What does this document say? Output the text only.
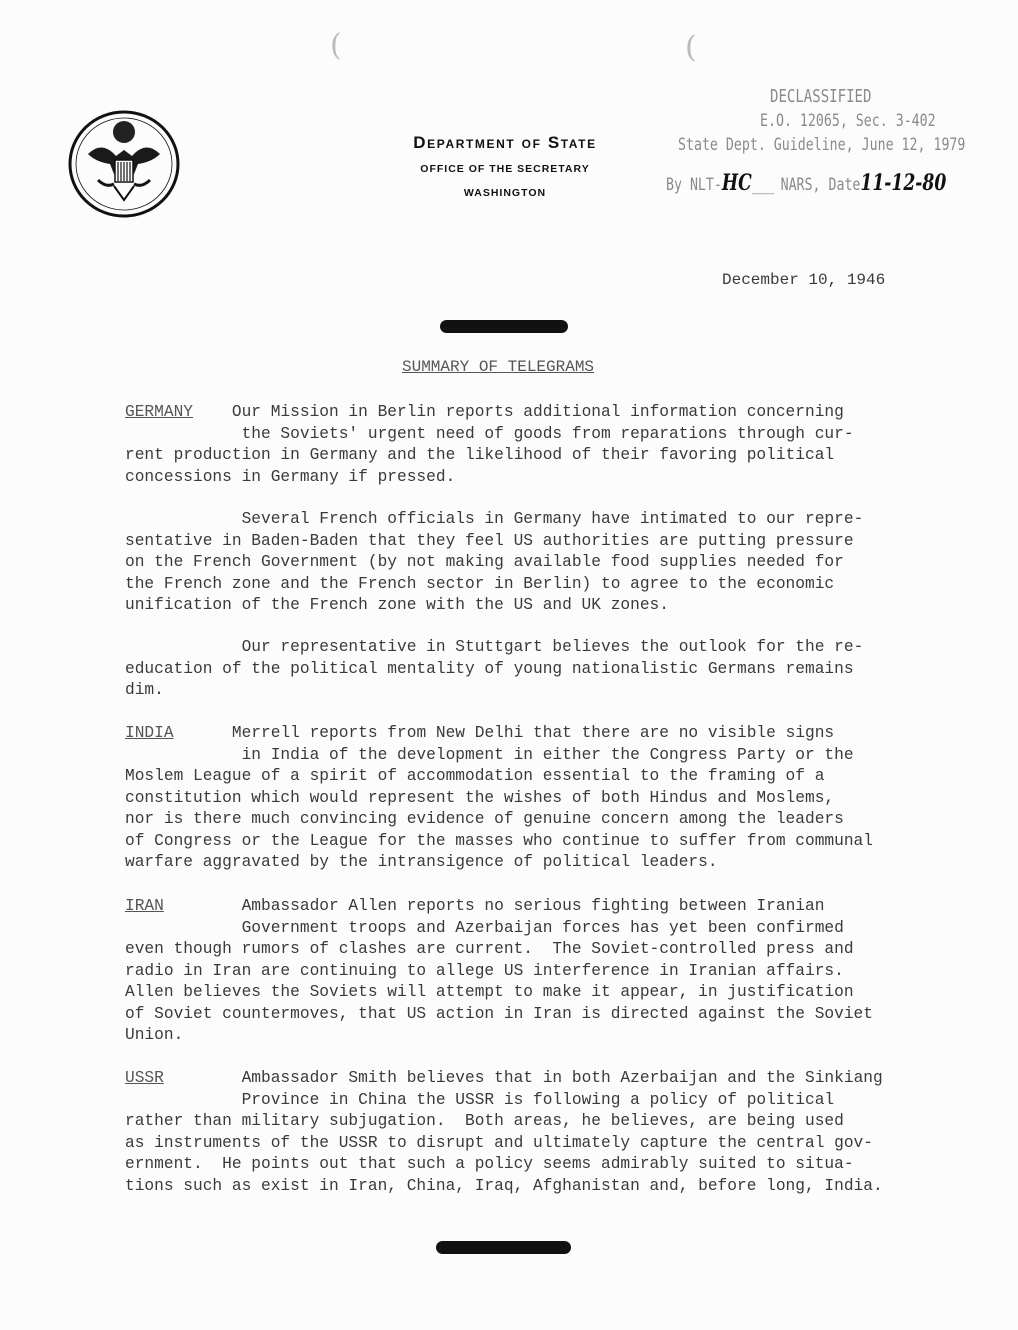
(	(
Department of State
OFFICE OF THE SECRETARY
WASHINGTON
DECLASSIFIED
E.O. 12065, Sec. 3-402
State Dept. Guideline, June 12, 1979
By NLT-HC___ NARS, Date11-12-80
December 10, 1946
SUMMARY OF TELEGRAMS
GERMANY Our Mission in Berlin reports additional information concerning
the Soviets' urgent need of goods from reparations through cur-
rent production in Germany and the likelihood of their favoring political
concessions in Germany if pressed.
Several French officials in Germany have intimated to our repre-
sentative in Baden-Baden that they feel US authorities are putting pressure
on the French Government (by not making available food supplies needed for
the French zone and the French sector in Berlin) to agree to the economic
unification of the French zone with the US and UK zones.
Our representative in Stuttgart believes the outlook for the re-
education of the political mentality of young nationalistic Germans remains
dim.
INDIA	Merrell reports from New Delhi that there are no visible signs
in India of the development in either the Congress Party or the
Moslem League of a spirit of accommodation essential to the framing of a
constitution which would represent the wishes of both Hindus and Moslems,
nor is there much convincing evidence of genuine concern among the leaders
of Congress or the League for the masses who continue to suffer from communal
warfare aggravated by the intransigence of political leaders.
IRAN	Ambassador Allen reports no serious fighting between Iranian
Government troops and Azerbaijan forces has yet been confirmed
even though rumors of clashes are current.  The Soviet-controlled press and
radio in Iran are continuing to allege US interference in Iranian affairs.
Allen believes the Soviets will attempt to make it appear, in justification
of Soviet countermoves, that US action in Iran is directed against the Soviet
Union.
USSR	Ambassador Smith believes that in both Azerbaijan and the Sinkiang
Province in China the USSR is following a policy of political
rather than military subjugation.  Both areas, he believes, are being used
as instruments of the USSR to disrupt and ultimately capture the central gov-
ernment.  He points out that such a policy seems admirably suited to situa-
tions such as exist in Iran, China, Iraq, Afghanistan and, before long, India.
